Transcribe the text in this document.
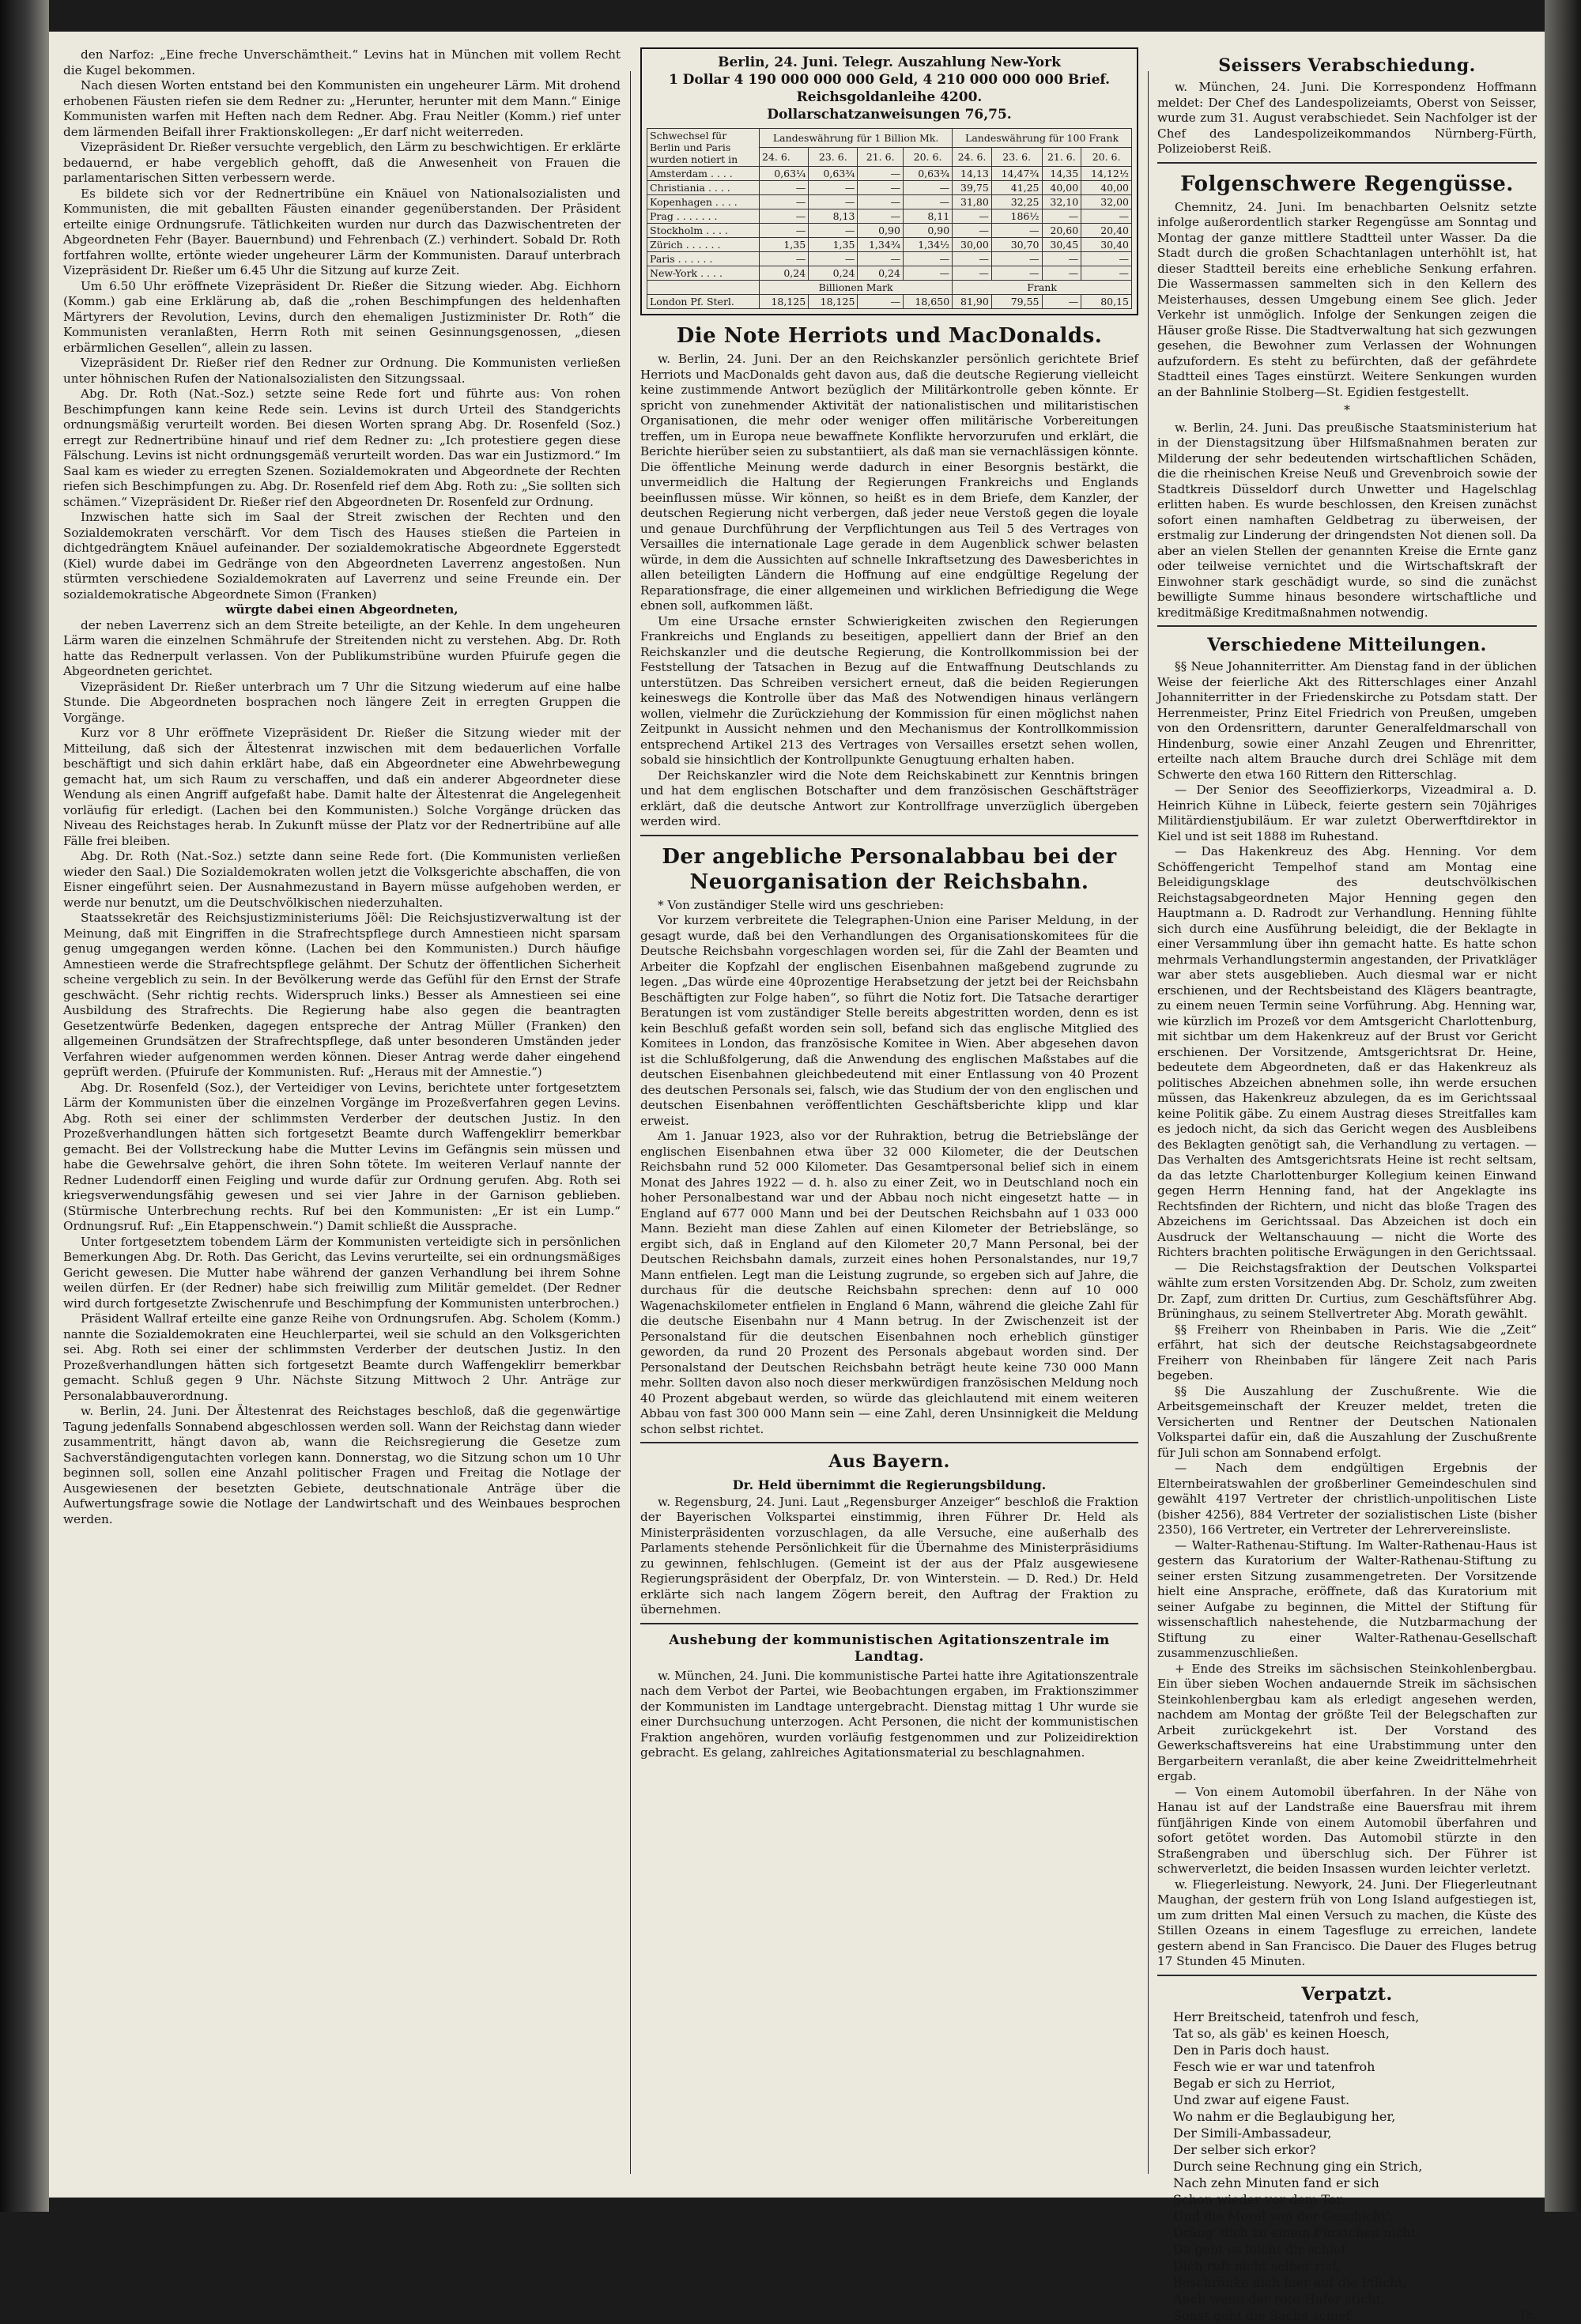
den Narfoz: „Eine freche Unverschämtheit.“ Levins hat in München mit vollem Recht die Kugel bekommen.

Nach diesen Worten entstand bei den Kommunisten ein ungeheurer Lärm. Mit drohend erhobenen Fäusten riefen sie dem Redner zu: „Herunter, herunter mit dem Mann.“ Einige Kommunisten warfen mit Heften nach dem Redner. Abg. Frau Neitler (Komm.) rief unter dem lärmenden Beifall ihrer Fraktionskollegen: „Er darf nicht weiterreden.

Vizepräsident Dr. Rießer versuchte vergeblich, den Lärm zu beschwichtigen. Er erklärte bedauernd, er habe vergeblich gehofft, daß die Anwesenheit von Frauen die parlamentarischen Sitten verbessern werde.

Es bildete sich vor der Rednertribüne ein Knäuel von Nationalsozialisten und Kommunisten, die mit geballten Fäusten einander gegenüberstanden. Der Präsident erteilte einige Ordnungsrufe. Tätlichkeiten wurden nur durch das Dazwischentreten der Abgeordneten Fehr (Bayer. Bauernbund) und Fehrenbach (Z.) verhindert. Sobald Dr. Roth fortfahren wollte, ertönte wieder ungeheurer Lärm der Kommunisten. Darauf unterbrach Vizepräsident Dr. Rießer um 6.45 Uhr die Sitzung auf kurze Zeit.

Um 6.50 Uhr eröffnete Vizepräsident Dr. Rießer die Sitzung wieder. Abg. Eichhorn (Komm.) gab eine Erklärung ab, daß die „rohen Beschimpfungen des heldenhaften Märtyrers der Revolution, Levins, durch den ehemaligen Justizminister Dr. Roth“ die Kommunisten veranlaßten, Herrn Roth mit seinen Gesinnungsgenossen, „diesen erbärmlichen Gesellen“, allein zu lassen.

Vizepräsident Dr. Rießer rief den Redner zur Ordnung. Die Kommunisten verließen unter höhnischen Rufen der Nationalsozialisten den Sitzungssaal.

Abg. Dr. Roth (Nat.-Soz.) setzte seine Rede fort und führte aus: Von rohen Beschimpfungen kann keine Rede sein. Levins ist durch Urteil des Standgerichts ordnungsmäßig verurteilt worden. Bei diesen Worten sprang Abg. Dr. Rosenfeld (Soz.) erregt zur Rednertribüne hinauf und rief dem Redner zu: „Ich protestiere gegen diese Fälschung. Levins ist nicht ordnungsgemäß verurteilt worden. Das war ein Justizmord.“ Im Saal kam es wieder zu erregten Szenen. Sozialdemokraten und Abgeordnete der Rechten riefen sich Beschimpfungen zu. Abg. Dr. Rosenfeld rief dem Abg. Roth zu: „Sie sollten sich schämen.“ Vizepräsident Dr. Rießer rief den Abgeordneten Dr. Rosenfeld zur Ordnung.

Inzwischen hatte sich im Saal der Streit zwischen der Rechten und den Sozialdemokraten verschärft. Vor dem Tisch des Hauses stießen die Parteien in dichtgedrängtem Knäuel aufeinander. Der sozialdemokratische Abgeordnete Eggerstedt (Kiel) wurde dabei im Gedränge von den Abgeordneten Laverrenz angestoßen. Nun stürmten verschiedene Sozialdemokraten auf Laverrenz und seine Freunde ein. Der sozialdemokratische Abgeordnete Simon (Franken)

würgte dabei einen Abgeordneten,

der neben Laverrenz sich an dem Streite beteiligte, an der Kehle. In dem ungeheuren Lärm waren die einzelnen Schmährufe der Streitenden nicht zu verstehen. Abg. Dr. Roth hatte das Rednerpult verlassen. Von der Publikumstribüne wurden Pfuirufe gegen die Abgeordneten gerichtet.

Vizepräsident Dr. Rießer unterbrach um 7 Uhr die Sitzung wiederum auf eine halbe Stunde. Die Abgeordneten bosprachen noch längere Zeit in erregten Gruppen die Vorgänge.

Kurz vor 8 Uhr eröffnete Vizepräsident Dr. Rießer die Sitzung wieder mit der Mitteilung, daß sich der Ältestenrat inzwischen mit dem bedauerlichen Vorfalle beschäftigt und sich dahin erklärt habe, daß ein Abgeordneter eine Abwehrbewegung gemacht hat, um sich Raum zu verschaffen, und daß ein anderer Abgeordneter diese Wendung als einen Angriff aufgefaßt habe. Damit halte der Ältestenrat die Angelegenheit vorläufig für erledigt. (Lachen bei den Kommunisten.) Solche Vorgänge drücken das Niveau des Reichstages herab. In Zukunft müsse der Platz vor der Rednertribüne auf alle Fälle frei bleiben.

Abg. Dr. Roth (Nat.-Soz.) setzte dann seine Rede fort. (Die Kommunisten verließen wieder den Saal.) Die Sozialdemokraten wollen jetzt die Volksgerichte abschaffen, die von Eisner eingeführt seien. Der Ausnahmezustand in Bayern müsse aufgehoben werden, er werde nur benutzt, um die Deutschvölkischen niederzuhalten.

Staatssekretär des Reichsjustizministeriums Jöël: Die Reichsjustizverwaltung ist der Meinung, daß mit Eingriffen in die Strafrechtspflege durch Amnestieen nicht sparsam genug umgegangen werden könne. (Lachen bei den Kommunisten.) Durch häufige Amnestieen werde die Strafrechtspflege gelähmt. Der Schutz der öffentlichen Sicherheit scheine vergeblich zu sein. In der Bevölkerung werde das Gefühl für den Ernst der Strafe geschwächt. (Sehr richtig rechts. Widerspruch links.) Besser als Amnestieen sei eine Ausbildung des Strafrechts. Die Regierung habe also gegen die beantragten Gesetzentwürfe Bedenken, dagegen entspreche der Antrag Müller (Franken) den allgemeinen Grundsätzen der Strafrechtspflege, daß unter besonderen Umständen jeder Verfahren wieder aufgenommen werden können. Dieser Antrag werde daher eingehend geprüft werden. (Pfuirufe der Kommunisten. Ruf: „Heraus mit der Amnestie.“)

Abg. Dr. Rosenfeld (Soz.), der Verteidiger von Levins, berichtete unter fortgesetztem Lärm der Kommunisten über die einzelnen Vorgänge im Prozeßverfahren gegen Levins. Abg. Roth sei einer der schlimmsten Verderber der deutschen Justiz. In den Prozeßverhandlungen hätten sich fortgesetzt Beamte durch Waffengeklirr bemerkbar gemacht. Bei der Vollstreckung habe die Mutter Levins im Gefängnis sein müssen und habe die Gewehrsalve gehört, die ihren Sohn tötete. Im weiteren Verlauf nannte der Redner Ludendorff einen Feigling und wurde dafür zur Ordnung gerufen. Abg. Roth sei kriegsverwendungsfähig gewesen und sei vier Jahre in der Garnison geblieben. (Stürmische Unterbrechung rechts. Ruf bei den Kommunisten: „Er ist ein Lump.“ Ordnungsruf. Ruf: „Ein Etappenschwein.“) Damit schließt die Aussprache.

Unter fortgesetztem tobendem Lärm der Kommunisten verteidigte sich in persönlichen Bemerkungen Abg. Dr. Roth. Das Gericht, das Levins verurteilte, sei ein ordnungsmäßiges Gericht gewesen. Die Mutter habe während der ganzen Verhandlung bei ihrem Sohne weilen dürfen. Er (der Redner) habe sich freiwillig zum Militär gemeldet. (Der Redner wird durch fortgesetzte Zwischenrufe und Beschimpfung der Kommunisten unterbrochen.)

Präsident Wallraf erteilte eine ganze Reihe von Ordnungsrufen. Abg. Scholem (Komm.) nannte die Sozialdemokraten eine Heuchlerpartei, weil sie schuld an den Volksgerichten sei. Abg. Roth sei einer der schlimmsten Verderber der deutschen Justiz. In den Prozeßverhandlungen hätten sich fortgesetzt Beamte durch Waffengeklirr bemerkbar gemacht. Schluß gegen 9 Uhr. Nächste Sitzung Mittwoch 2 Uhr. Anträge zur Personalabbauverordnung.

w. Berlin, 24. Juni. Der Ältestenrat des Reichstages beschloß, daß die gegenwärtige Tagung jedenfalls Sonnabend abgeschlossen werden soll. Wann der Reichstag dann wieder zusammentritt, hängt davon ab, wann die Reichsregierung die Gesetze zum Sachverständigengutachten vorlegen kann. Donnerstag, wo die Sitzung schon um 10 Uhr beginnen soll, sollen eine Anzahl politischer Fragen und Freitag die Notlage der Ausgewiesenen der besetzten Gebiete, deutschnationale Anträge über die Aufwertungsfrage sowie die Notlage der Landwirtschaft und des Weinbaues besprochen werden.

Berlin, 24. Juni. Telegr. Auszahlung New-York
1 Dollar 4 190 000 000 000 Geld, 4 210 000 000 000 Brief.
Reichsgoldanleihe 4200.
Dollarschatzanweisungen 76,75.
Schwechsel für Berlin und Paris wurden notiert in	Landeswährung für 1 Billion Mk.				Landeswährung für 100 Frank			
	24. 6.	23. 6.	21. 6.	20. 6.	24. 6.	23. 6.	21. 6.	20. 6.
Amsterdam . . . .	0,63¼	0,63¾	—	0,63¾	14,13	14,47¾	14,35	14,12½
Christiania . . . .	—	—	—	—	39,75	41,25	40,00	40,00
Kopenhagen . . . .	—	—	—	—	31,80	32,25	32,10	32,00
Prag . . . . . . .	—	8,13	—	8,11	—	186½	—	—
Stockholm . . . .	—	—	0,90	0,90	—	—	20,60	20,40
Zürich . . . . . .	1,35	1,35	1,34¾	1,34½	30,00	30,70	30,45	30,40
Paris . . . . . .	—	—	—	—	—	—	—	—
New-York . . . .	0,24	0,24	0,24	—	—	—	—	—
	Billionen Mark				Frank			
London Pf. Sterl.	18,125	18,125	—	18,650	81,90	79,55	—	80,15
Die Note Herriots und MacDonalds.

w. Berlin, 24. Juni. Der an den Reichskanzler persönlich gerichtete Brief Herriots und MacDonalds geht davon aus, daß die deutsche Regierung vielleicht keine zustimmende Antwort bezüglich der Militärkontrolle geben könnte. Er spricht von zunehmender Aktivität der nationalistischen und militaristischen Organisationen, die mehr oder weniger offen militärische Vorbereitungen treffen, um in Europa neue bewaffnete Konflikte hervorzurufen und erklärt, die Berichte hierüber seien zu substantiiert, als daß man sie vernachlässigen könnte. Die öffentliche Meinung werde dadurch in einer Besorgnis bestärkt, die unvermeidlich die Haltung der Regierungen Frankreichs und Englands beeinflussen müsse. Wir können, so heißt es in dem Briefe, dem Kanzler, der deutschen Regierung nicht verbergen, daß jeder neue Verstoß gegen die loyale und genaue Durchführung der Verpflichtungen aus Teil 5 des Vertrages von Versailles die internationale Lage gerade in dem Augenblick schwer belasten würde, in dem die Aussichten auf schnelle Inkraftsetzung des Dawesberichtes in allen beteiligten Ländern die Hoffnung auf eine endgültige Regelung der Reparationsfrage, die einer allgemeinen und wirklichen Befriedigung die Wege ebnen soll, aufkommen läßt.

Um eine Ursache ernster Schwierigkeiten zwischen den Regierungen Frankreichs und Englands zu beseitigen, appelliert dann der Brief an den Reichskanzler und die deutsche Regierung, die Kontrollkommission bei der Feststellung der Tatsachen in Bezug auf die Entwaffnung Deutschlands zu unterstützen. Das Schreiben versichert erneut, daß die beiden Regierungen keineswegs die Kontrolle über das Maß des Notwendigen hinaus verlängern wollen, vielmehr die Zurückziehung der Kommission für einen möglichst nahen Zeitpunkt in Aussicht nehmen und den Mechanismus der Kontrollkommission entsprechend Artikel 213 des Vertrages von Versailles ersetzt sehen wollen, sobald sie hinsichtlich der Kontrollpunkte Genugtuung erhalten haben.

Der Reichskanzler wird die Note dem Reichskabinett zur Kenntnis bringen und hat dem englischen Botschafter und dem französischen Geschäftsträger erklärt, daß die deutsche Antwort zur Kontrollfrage unverzüglich übergeben werden wird.

Der angebliche Personalabbau bei der Neuorganisation der Reichsbahn.

* Von zuständiger Stelle wird uns geschrieben:

Vor kurzem verbreitete die Telegraphen-Union eine Pariser Meldung, in der gesagt wurde, daß bei den Verhandlungen des Organisationskomitees für die Deutsche Reichsbahn vorgeschlagen worden sei, für die Zahl der Beamten und Arbeiter die Kopfzahl der englischen Eisenbahnen maßgebend zugrunde zu legen. „Das würde eine 40prozentige Herabsetzung der jetzt bei der Reichsbahn Beschäftigten zur Folge haben“, so führt die Notiz fort. Die Tatsache derartiger Beratungen ist vom zuständiger Stelle bereits abgestritten worden, denn es ist kein Beschluß gefaßt worden sein soll, befand sich das englische Mitglied des Komitees in London, das französische Komitee in Wien. Aber abgesehen davon ist die Schlußfolgerung, daß die Anwendung des englischen Maßstabes auf die deutschen Eisenbahnen gleichbedeutend mit einer Entlassung von 40 Prozent des deutschen Personals sei, falsch, wie das Studium der von den englischen und deutschen Eisenbahnen veröffentlichten Geschäftsberichte klipp und klar erweist.

Am 1. Januar 1923, also vor der Ruhraktion, betrug die Betriebslänge der englischen Eisenbahnen etwa über 32 000 Kilometer, die der Deutschen Reichsbahn rund 52 000 Kilometer. Das Gesamtpersonal belief sich in einem Monat des Jahres 1922 — d. h. also zu einer Zeit, wo in Deutschland noch ein hoher Personalbestand war und der Abbau noch nicht eingesetzt hatte — in England auf 677 000 Mann und bei der Deutschen Reichsbahn auf 1 033 000 Mann. Bezieht man diese Zahlen auf einen Kilometer der Betriebslänge, so ergibt sich, daß in England auf den Kilometer 20,7 Mann Personal, bei der Deutschen Reichsbahn damals, zurzeit eines hohen Personalstandes, nur 19,7 Mann entfielen. Legt man die Leistung zugrunde, so ergeben sich auf Jahre, die durchaus für die deutsche Reichsbahn sprechen: denn auf 10 000 Wagenachskilometer entfielen in England 6 Mann, während die gleiche Zahl für die deutsche Eisenbahn nur 4 Mann betrug. In der Zwischenzeit ist der Personalstand für die deutschen Eisenbahnen noch erheblich günstiger geworden, da rund 20 Prozent des Personals abgebaut worden sind. Der Personalstand der Deutschen Reichsbahn beträgt heute keine 730 000 Mann mehr. Sollten davon also noch dieser merkwürdigen französischen Meldung noch 40 Prozent abgebaut werden, so würde das gleichlautend mit einem weiteren Abbau von fast 300 000 Mann sein — eine Zahl, deren Unsinnigkeit die Meldung schon selbst richtet.

Aus Bayern.
Dr. Held übernimmt die Regierungsbildung.

w. Regensburg, 24. Juni. Laut „Regensburger Anzeiger“ beschloß die Fraktion der Bayerischen Volkspartei einstimmig, ihren Führer Dr. Held als Ministerpräsidenten vorzuschlagen, da alle Versuche, eine außerhalb des Parlaments stehende Persönlichkeit für die Übernahme des Ministerpräsidiums zu gewinnen, fehlschlugen. (Gemeint ist der aus der Pfalz ausgewiesene Regierungspräsident der Oberpfalz, Dr. von Winterstein. — D. Red.) Dr. Held erklärte sich nach langem Zögern bereit, den Auftrag der Fraktion zu übernehmen.

Aushebung der kommunistischen Agitationszentrale im Landtag.

w. München, 24. Juni. Die kommunistische Partei hatte ihre Agitationszentrale nach dem Verbot der Partei, wie Beobachtungen ergaben, im Fraktionszimmer der Kommunisten im Landtage untergebracht. Dienstag mittag 1 Uhr wurde sie einer Durchsuchung unterzogen. Acht Personen, die nicht der kommunistischen Fraktion angehören, wurden vorläufig festgenommen und zur Polizeidirektion gebracht. Es gelang, zahlreiches Agitationsmaterial zu beschlagnahmen.

Seissers Verabschiedung.

w. München, 24. Juni. Die Korrespondenz Hoffmann meldet: Der Chef des Landespolizeiamts, Oberst von Seisser, wurde zum 31. August verabschiedet. Sein Nachfolger ist der Chef des Landespolizeikommandos Nürnberg-Fürth, Polizeioberst Reiß.

Folgenschwere Regengüsse.

Chemnitz, 24. Juni. Im benachbarten Oelsnitz setzte infolge außerordentlich starker Regengüsse am Sonntag und Montag der ganze mittlere Stadtteil unter Wasser. Da die Stadt durch die großen Schachtanlagen unterhöhlt ist, hat dieser Stadtteil bereits eine erhebliche Senkung erfahren. Die Wassermassen sammelten sich in den Kellern des Meisterhauses, dessen Umgebung einem See glich. Jeder Verkehr ist unmöglich. Infolge der Senkungen zeigen die Häuser große Risse. Die Stadtverwaltung hat sich gezwungen gesehen, die Bewohner zum Verlassen der Wohnungen aufzufordern. Es steht zu befürchten, daß der gefährdete Stadtteil eines Tages einstürzt. Weitere Senkungen wurden an der Bahnlinie Stolberg—St. Egidien festgestellt.

*

w. Berlin, 24. Juni. Das preußische Staatsministerium hat in der Dienstagsitzung über Hilfsmaßnahmen beraten zur Milderung der sehr bedeutenden wirtschaftlichen Schäden, die die rheinischen Kreise Neuß und Grevenbroich sowie der Stadtkreis Düsseldorf durch Unwetter und Hagelschlag erlitten haben. Es wurde beschlossen, den Kreisen zunächst sofort einen namhaften Geldbetrag zu überweisen, der erstmalig zur Linderung der dringendsten Not dienen soll. Da aber an vielen Stellen der genannten Kreise die Ernte ganz oder teilweise vernichtet und die Wirtschaftskraft der Einwohner stark geschädigt wurde, so sind die zunächst bewilligte Summe hinaus besondere wirtschaftliche und kreditmäßige Kreditmaßnahmen notwendig.

Verschiedene Mitteilungen.

§§ Neue Johanniterritter. Am Dienstag fand in der üblichen Weise der feierliche Akt des Ritterschlages einer Anzahl Johanniterritter in der Friedenskirche zu Potsdam statt. Der Herrenmeister, Prinz Eitel Friedrich von Preußen, umgeben von den Ordensrittern, darunter Generalfeldmarschall von Hindenburg, sowie einer Anzahl Zeugen und Ehrenritter, erteilte nach altem Brauche durch drei Schläge mit dem Schwerte den etwa 160 Rittern den Ritterschlag.

— Der Senior des Seeoffizierkorps, Vizeadmiral a. D. Heinrich Kühne in Lübeck, feierte gestern sein 70jähriges Militärdienstjubiläum. Er war zuletzt Oberwerftdirektor in Kiel und ist seit 1888 im Ruhestand.

— Das Hakenkreuz des Abg. Henning. Vor dem Schöffengericht Tempelhof stand am Montag eine Beleidigungsklage des deutschvölkischen Reichstagsabgeordneten Major Henning gegen den Hauptmann a. D. Radrodt zur Verhandlung. Henning fühlte sich durch eine Ausführung beleidigt, die der Beklagte in einer Versammlung über ihn gemacht hatte. Es hatte schon mehrmals Verhandlungstermin angestanden, der Privatkläger war aber stets ausgeblieben. Auch diesmal war er nicht erschienen, und der Rechtsbeistand des Klägers beantragte, zu einem neuen Termin seine Vorführung. Abg. Henning war, wie kürzlich im Prozeß vor dem Amtsgericht Charlottenburg, mit sichtbar um dem Hakenkreuz auf der Brust vor Gericht erschienen. Der Vorsitzende, Amtsgerichtsrat Dr. Heine, bedeutete dem Abgeordneten, daß er das Hakenkreuz als politisches Abzeichen abnehmen solle, ihn werde ersuchen müssen, das Hakenkreuz abzulegen, da es im Gerichtssaal keine Politik gäbe. Zu einem Austrag dieses Streitfalles kam es jedoch nicht, da sich das Gericht wegen des Ausbleibens des Beklagten genötigt sah, die Verhandlung zu vertagen. — Das Verhalten des Amtsgerichtsrats Heine ist recht seltsam, da das letzte Charlottenburger Kollegium keinen Einwand gegen Herrn Henning fand, hat der Angeklagte ins Rechtsfinden der Richtern, und nicht das bloße Tragen des Abzeichens im Gerichtssaal. Das Abzeichen ist doch ein Ausdruck der Weltanschauung — nicht die Worte des Richters brachten politische Erwägungen in den Gerichtssaal.

— Die Reichstagsfraktion der Deutschen Volkspartei wählte zum ersten Vorsitzenden Abg. Dr. Scholz, zum zweiten Dr. Zapf, zum dritten Dr. Curtius, zum Geschäftsführer Abg. Brüninghaus, zu seinem Stellvertreter Abg. Morath gewählt.

§§ Freiherr von Rheinbaben in Paris. Wie die „Zeit“ erfährt, hat sich der deutsche Reichstagsabgeordnete Freiherr von Rheinbaben für längere Zeit nach Paris begeben.

§§ Die Auszahlung der Zuschußrente. Wie die Arbeitsgemeinschaft der Kreuzer meldet, treten die Versicherten und Rentner der Deutschen Nationalen Volkspartei dafür ein, daß die Auszahlung der Zuschußrente für Juli schon am Sonnabend erfolgt.

— Nach dem endgültigen Ergebnis der Elternbeiratswahlen der großberliner Gemeindeschulen sind gewählt 4197 Vertreter der christlich-unpolitischen Liste (bisher 4256), 884 Vertreter der sozialistischen Liste (bisher 2350), 166 Vertreter, ein Vertreter der Lehrervereinsliste.

— Walter-Rathenau-Stiftung. Im Walter-Rathenau-Haus ist gestern das Kuratorium der Walter-Rathenau-Stiftung zu seiner ersten Sitzung zusammengetreten. Der Vorsitzende hielt eine Ansprache, eröffnete, daß das Kuratorium mit seiner Aufgabe zu beginnen, die Mittel der Stiftung für wissenschaftlich nahestehende, die Nutzbarmachung der Stiftung zu einer Walter-Rathenau-Gesellschaft zusammenzuschließen.

+ Ende des Streiks im sächsischen Steinkohlenbergbau. Ein über sieben Wochen andauernde Streik im sächsischen Steinkohlenbergbau kam als erledigt angesehen werden, nachdem am Montag der größte Teil der Belegschaften zur Arbeit zurückgekehrt ist. Der Vorstand des Gewerkschaftsvereins hat eine Urabstimmung unter den Bergarbeitern veranlaßt, die aber keine Zweidrittelmehrheit ergab.

— Von einem Automobil überfahren. In der Nähe von Hanau ist auf der Landstraße eine Bauersfrau mit ihrem fünfjährigen Kinde von einem Automobil überfahren und sofort getötet worden. Das Automobil stürzte in den Straßengraben und überschlug sich. Der Führer ist schwerverletzt, die beiden Insassen wurden leichter verletzt.

w. Fliegerleistung. Newyork, 24. Juni. Der Fliegerleutnant Maughan, der gestern früh von Long Island aufgestiegen ist, um zum dritten Mal einen Versuch zu machen, die Küste des Stillen Ozeans in einem Tagesfluge zu erreichen, landete gestern abend in San Francisco. Die Dauer des Fluges betrug 17 Stunden 45 Minuten.

Verpatzt.
Herr Breitscheid, tatenfroh und fesch,
Tat so, als gäb' es keinen Hoesch,
Den in Paris doch haust.
Fesch wie er war und tatenfroh
Begab er sich zu Herriot,
Und zwar auf eigene Faust.
Wo nahm er die Beglaubigung her,
Der Simili-Ambassadeur,
Der selber sich erkor?
Durch seine Rechnung ging ein Strich,
Nach zehn Minuten fand er sich
Schon wieder vor dem Tor.
Und die Moral von der Geschicht':
Dräng' dich zu einem Fürstchen nicht,
Da geht es leicht dir schief.
Dich ruft nicht selber rief,
Beschränke dich hier auf die Pflicht,
Auch wenn der rote Hafer sticht,
Sonst geht die Sache schief.	Th.
